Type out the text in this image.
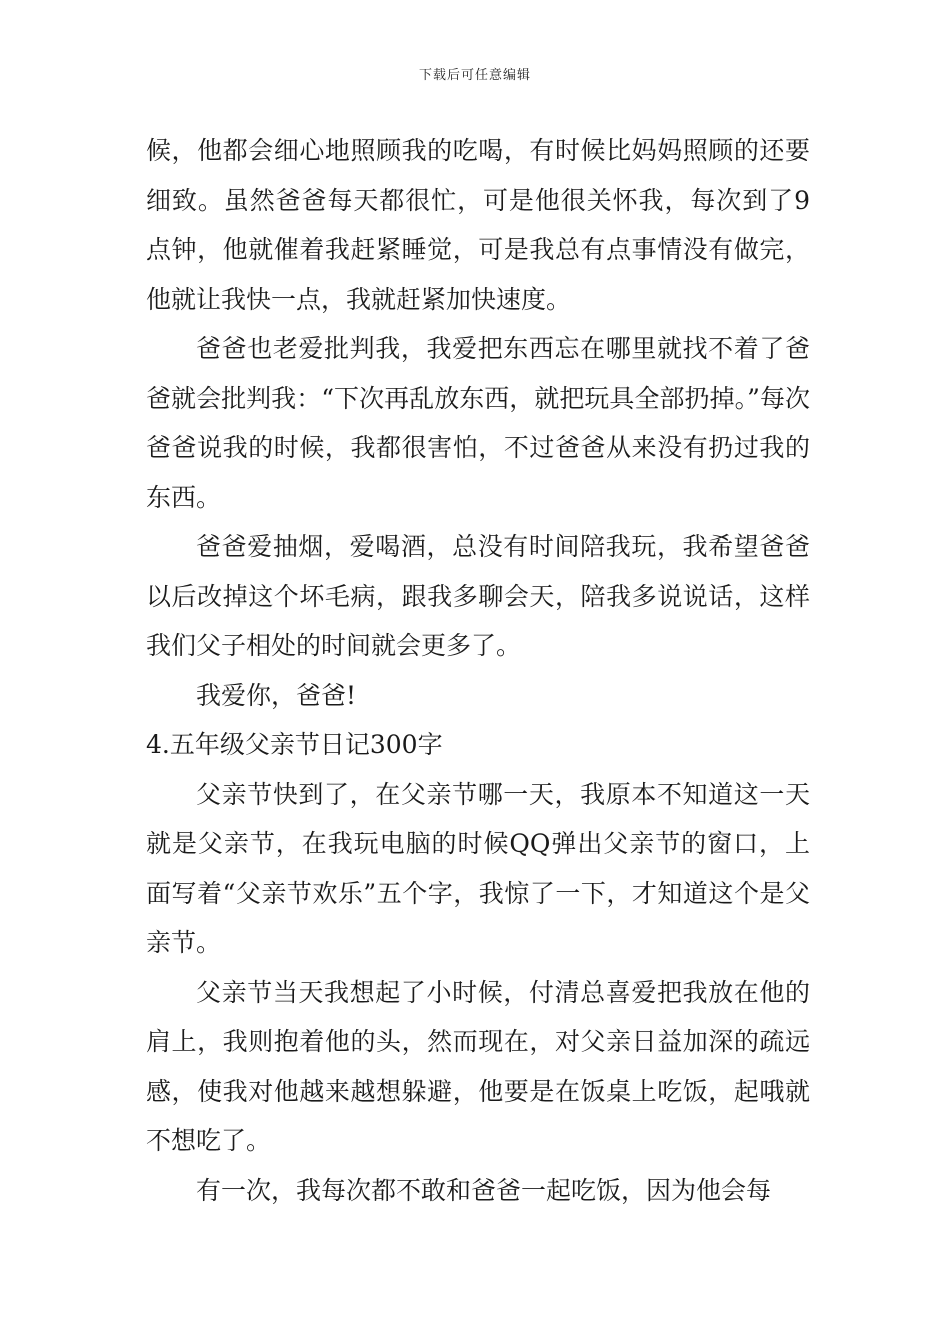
下载后可任意编辑

候，他都会细心地照顾我的吃喝，有时候比妈妈照顾的还要细致。虽然爸爸每天都很忙，可是他很关怀我，每次到了9点钟，他就催着我赶紧睡觉，可是我总有点事情没有做完，他就让我快一点，我就赶紧加快速度。

爸爸也老爱批判我，我爱把东西忘在哪里就找不着了爸爸就会批判我：“下次再乱放东西，就把玩具全部扔掉。”每次爸爸说我的时候，我都很害怕，不过爸爸从来没有扔过我的东西。

爸爸爱抽烟，爱喝酒，总没有时间陪我玩，我希望爸爸以后改掉这个坏毛病，跟我多聊会天，陪我多说说话，这样我们父子相处的时间就会更多了。

我爱你，爸爸!

4.五年级父亲节日记300字

父亲节快到了，在父亲节哪一天，我原本不知道这一天就是父亲节，在我玩电脑的时候QQ弹出父亲节的窗口，上面写着“父亲节欢乐”五个字，我惊了一下，才知道这个是父亲节。

父亲节当天我想起了小时候，付清总喜爱把我放在他的肩上，我则抱着他的头，然而现在，对父亲日益加深的疏远感，使我对他越来越想躲避，他要是在饭桌上吃饭，起哦就不想吃了。

有一次，我每次都不敢和爸爸一起吃饭，因为他会每
